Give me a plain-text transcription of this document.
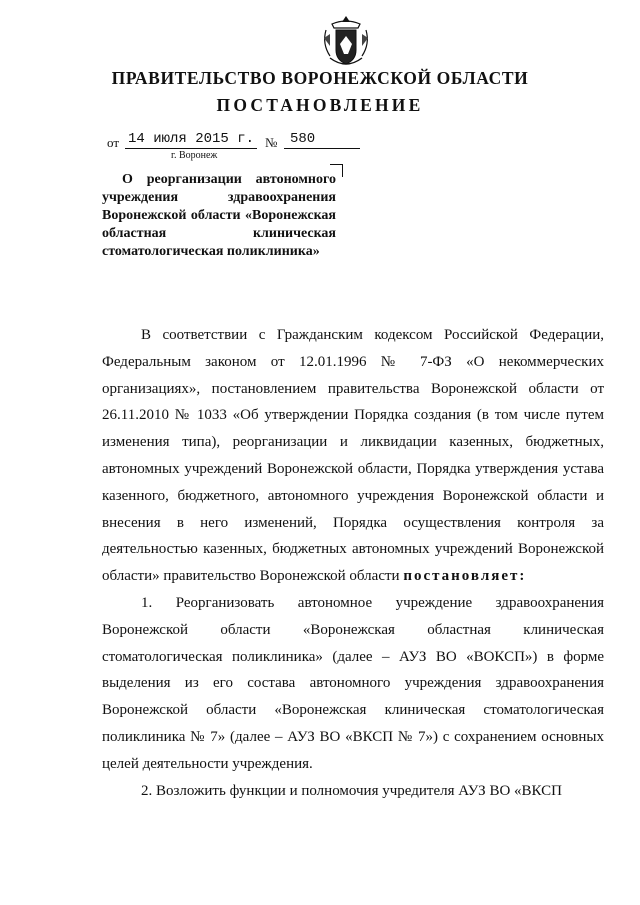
ПРАВИТЕЛЬСТВО ВОРОНЕЖСКОЙ ОБЛАСТИ
ПОСТАНОВЛЕНИЕ
от 14 июля 2015 г. № 580
г. Воронеж
О реорганизации автономного учреждения здравоохранения Воронежской области «Воронежская областная клиническая стоматологическая поликлиника»

В соответствии с Гражданским кодексом Российской Федерации, Федеральным законом от 12.01.1996 № 7-ФЗ «О некоммерческих организациях», постановлением правительства Воронежской области от 26.11.2010 № 1033 «Об утверждении Порядка создания (в том числе путем изменения типа), реорганизации и ликвидации казенных, бюджетных, автономных учреждений Воронежской области, Порядка утверждения устава казенного, бюджетного, автономного учреждения Воронежской области и внесения в него изменений, Порядка осуществления контроля за деятельностью казенных, бюджетных автономных учреждений Воронежской области» правительство Воронежской области постановляет:

1. Реорганизовать автономное учреждение здравоохранения Воронежской области «Воронежская областная клиническая стоматологическая поликлиника» (далее – АУЗ ВО «ВОКСП») в форме выделения из его состава автономного учреждения здравоохранения Воронежской области «Воронежская клиническая стоматологическая поликлиника № 7» (далее – АУЗ ВО «ВКСП № 7») с сохранением основных целей деятельности учреждения.

2. Возложить функции и полномочия учредителя АУЗ ВО «ВКСП
